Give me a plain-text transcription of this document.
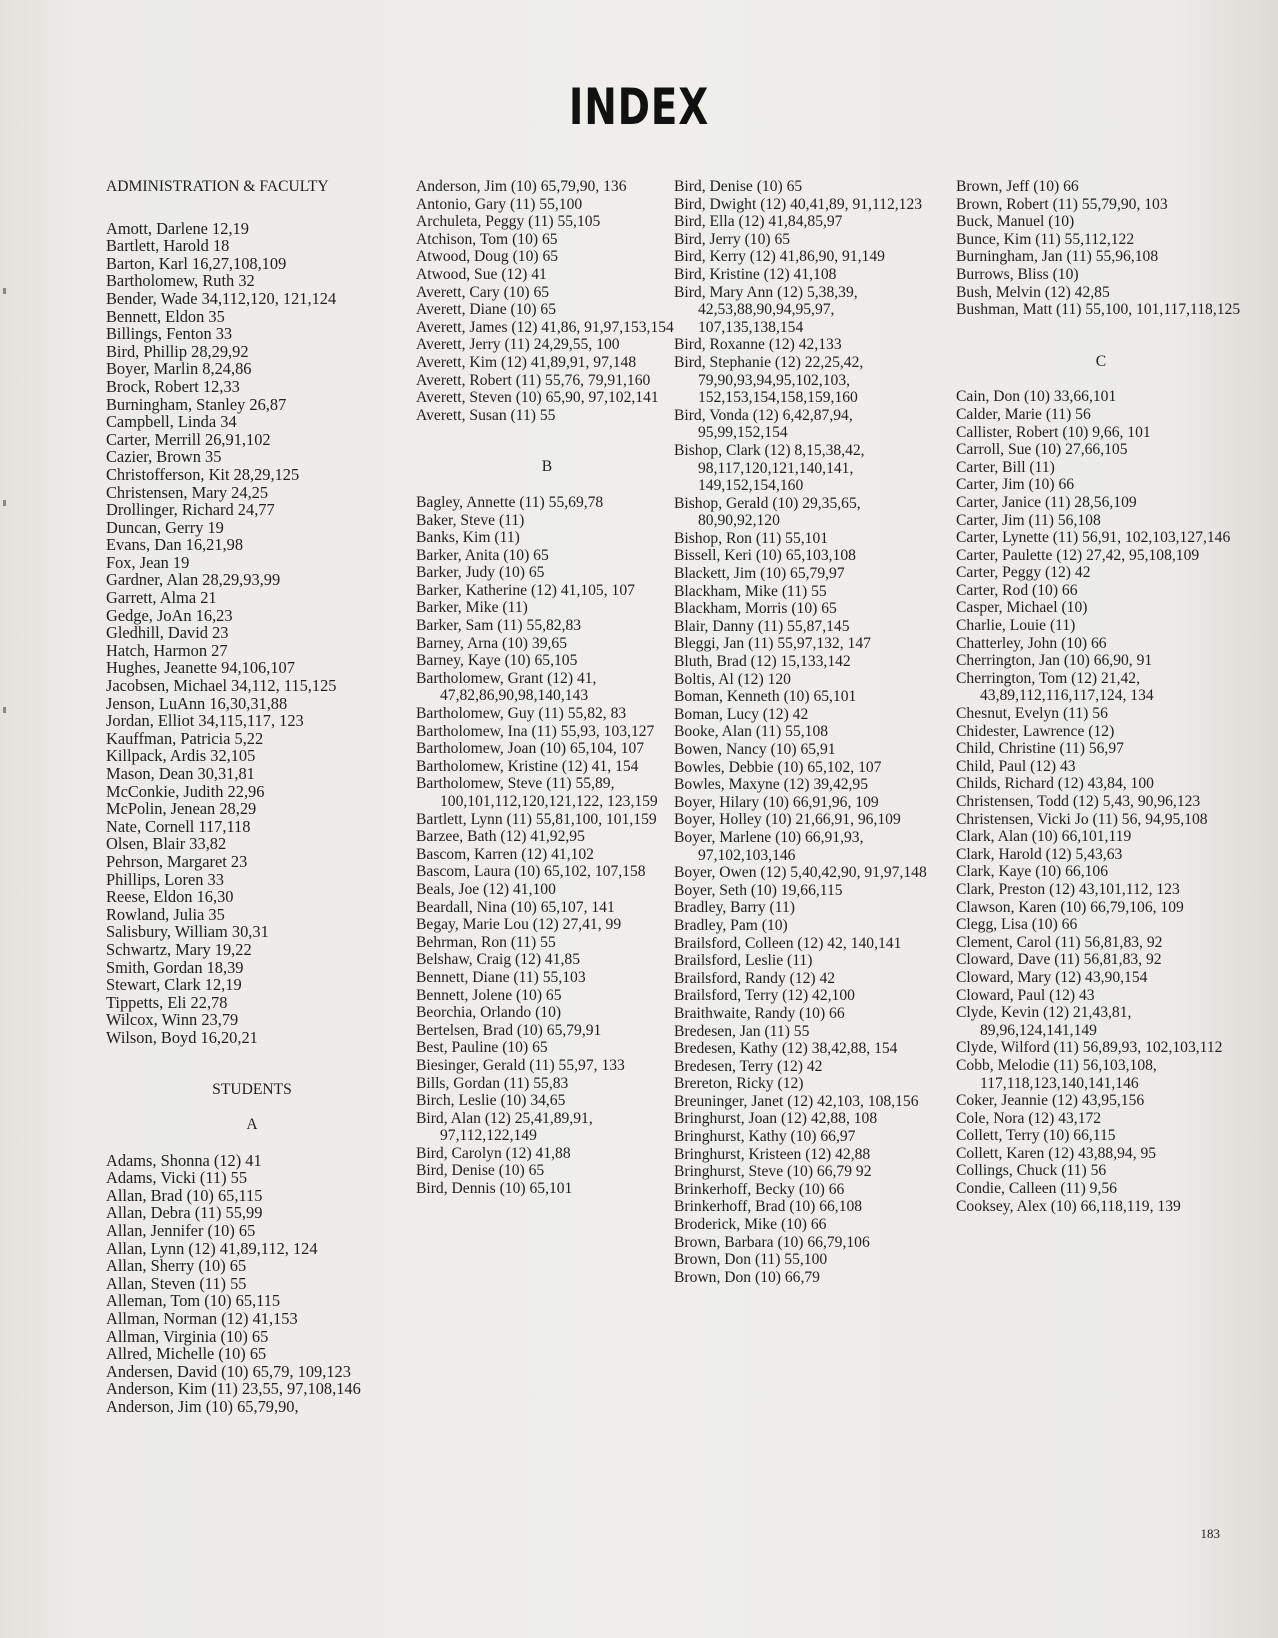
INDEX
ADMINISTRATION & FACULTY
Amott, Darlene 12,19
Bartlett, Harold 18
Barton, Karl 16,27,108,109
Bartholomew, Ruth 32
Bender, Wade 34,112,120, 121,124
Bennett, Eldon 35
Billings, Fenton 33
Bird, Phillip 28,29,92
Boyer, Marlin 8,24,86
Brock, Robert 12,33
Burningham, Stanley 26,87
Campbell, Linda 34
Carter, Merrill 26,91,102
Cazier, Brown 35
Christofferson, Kit 28,29,125
Christensen, Mary 24,25
Drollinger, Richard 24,77
Duncan, Gerry 19
Evans, Dan 16,21,98
Fox, Jean 19
Gardner, Alan 28,29,93,99
Garrett, Alma 21
Gedge, JoAn 16,23
Gledhill, David 23
Hatch, Harmon 27
Hughes, Jeanette 94,106,107
Jacobsen, Michael 34,112, 115,125
Jenson, LuAnn 16,30,31,88
Jordan, Elliot 34,115,117, 123
Kauffman, Patricia 5,22
Killpack, Ardis 32,105
Mason, Dean 30,31,81
McConkie, Judith 22,96
McPolin, Jenean 28,29
Nate, Cornell 117,118
Olsen, Blair 33,82
Pehrson, Margaret 23
Phillips, Loren 33
Reese, Eldon 16,30
Rowland, Julia 35
Salisbury, William 30,31
Schwartz, Mary 19,22
Smith, Gordan 18,39
Stewart, Clark 12,19
Tippetts, Eli 22,78
Wilcox, Winn 23,79
Wilson, Boyd 16,20,21
STUDENTS
A
Adams, Shonna (12) 41
Adams, Vicki (11) 55
Allan, Brad (10) 65,115
Allan, Debra (11) 55,99
Allan, Jennifer (10) 65
Allan, Lynn (12) 41,89,112, 124
Allan, Sherry (10) 65
Allan, Steven (11) 55
Alleman, Tom (10) 65,115
Allman, Norman (12) 41,153
Allman, Virginia (10) 65
Allred, Michelle (10) 65
Andersen, David (10) 65,79, 109,123
Anderson, Kim (11) 23,55, 97,108,146
Anderson, Jim (10) 65,79,90,
Anderson, Jim (10) 65,79,90, 136
Antonio, Gary (11) 55,100
Archuleta, Peggy (11) 55,105
Atchison, Tom (10) 65
Atwood, Doug (10) 65
Atwood, Sue (12) 41
Averett, Cary (10) 65
Averett, Diane (10) 65
Averett, James (12) 41,86, 91,97,153,154
Averett, Jerry (11) 24,29,55, 100
Averett, Kim (12) 41,89,91, 97,148
Averett, Robert (11) 55,76, 79,91,160
Averett, Steven (10) 65,90, 97,102,141
Averett, Susan (11) 55
B
Bagley, Annette (11) 55,69,78
Baker, Steve (11)
Banks, Kim (11)
Barker, Anita (10) 65
Barker, Judy (10) 65
Barker, Katherine (12) 41,105, 107
Barker, Mike (11)
Barker, Sam (11) 55,82,83
Barney, Arna (10) 39,65
Barney, Kaye (10) 65,105
Bartholomew, Grant (12) 41, 47,82,86,90,98,140,143
Bartholomew, Guy (11) 55,82, 83
Bartholomew, Ina (11) 55,93, 103,127
Bartholomew, Joan (10) 65,104, 107
Bartholomew, Kristine (12) 41, 154
Bartholomew, Steve (11) 55,89, 100,101,112,120,121,122, 123,159
Bartlett, Lynn (11) 55,81,100, 101,159
Barzee, Bath (12) 41,92,95
Bascom, Karren (12) 41,102
Bascom, Laura (10) 65,102, 107,158
Beals, Joe (12) 41,100
Beardall, Nina (10) 65,107, 141
Begay, Marie Lou (12) 27,41, 99
Behrman, Ron (11) 55
Belshaw, Craig (12) 41,85
Bennett, Diane (11) 55,103
Bennett, Jolene (10) 65
Beorchia, Orlando (10)
Bertelsen, Brad (10) 65,79,91
Best, Pauline (10) 65
Biesinger, Gerald (11) 55,97, 133
Bills, Gordan (11) 55,83
Birch, Leslie (10) 34,65
Bird, Alan (12) 25,41,89,91, 97,112,122,149
Bird, Carolyn (12) 41,88
Bird, Denise (10) 65
Bird, Dennis (10) 65,101
Bird, Denise (10) 65
Bird, Dwight (12) 40,41,89, 91,112,123
Bird, Ella (12) 41,84,85,97
Bird, Jerry (10) 65
Bird, Kerry (12) 41,86,90, 91,149
Bird, Kristine (12) 41,108
Bird, Mary Ann (12) 5,38,39, 42,53,88,90,94,95,97, 107,135,138,154
Bird, Roxanne (12) 42,133
Bird, Stephanie (12) 22,25,42, 79,90,93,94,95,102,103, 152,153,154,158,159,160
Bird, Vonda (12) 6,42,87,94, 95,99,152,154
Bishop, Clark (12) 8,15,38,42, 98,117,120,121,140,141, 149,152,154,160
Bishop, Gerald (10) 29,35,65, 80,90,92,120
Bishop, Ron (11) 55,101
Bissell, Keri (10) 65,103,108
Blackett, Jim (10) 65,79,97
Blackham, Mike (11) 55
Blackham, Morris (10) 65
Blair, Danny (11) 55,87,145
Bleggi, Jan (11) 55,97,132, 147
Bluth, Brad (12) 15,133,142
Boltis, Al (12) 120
Boman, Kenneth (10) 65,101
Boman, Lucy (12) 42
Booke, Alan (11) 55,108
Bowen, Nancy (10) 65,91
Bowles, Debbie (10) 65,102, 107
Bowles, Maxyne (12) 39,42,95
Boyer, Hilary (10) 66,91,96, 109
Boyer, Holley (10) 21,66,91, 96,109
Boyer, Marlene (10) 66,91,93, 97,102,103,146
Boyer, Owen (12) 5,40,42,90, 91,97,148
Boyer, Seth (10) 19,66,115
Bradley, Barry (11)
Bradley, Pam (10)
Brailsford, Colleen (12) 42, 140,141
Brailsford, Leslie (11)
Brailsford, Randy (12) 42
Brailsford, Terry (12) 42,100
Braithwaite, Randy (10) 66
Bredesen, Jan (11) 55
Bredesen, Kathy (12) 38,42,88, 154
Bredesen, Terry (12) 42
Brereton, Ricky (12)
Breuninger, Janet (12) 42,103, 108,156
Bringhurst, Joan (12) 42,88, 108
Bringhurst, Kathy (10) 66,97
Bringhurst, Kristeen (12) 42,88
Bringhurst, Steve (10) 66,79 92
Brinkerhoff, Becky (10) 66
Brinkerhoff, Brad (10) 66,108
Broderick, Mike (10) 66
Brown, Barbara (10) 66,79,106
Brown, Don (11) 55,100
Brown, Don (10) 66,79
Brown, Jeff (10) 66
Brown, Robert (11) 55,79,90, 103
Buck, Manuel (10)
Bunce, Kim (11) 55,112,122
Burningham, Jan (11) 55,96,108
Burrows, Bliss (10)
Bush, Melvin (12) 42,85
Bushman, Matt (11) 55,100, 101,117,118,125
C
Cain, Don (10) 33,66,101
Calder, Marie (11) 56
Callister, Robert (10) 9,66, 101
Carroll, Sue (10) 27,66,105
Carter, Bill (11)
Carter, Jim (10) 66
Carter, Janice (11) 28,56,109
Carter, Jim (11) 56,108
Carter, Lynette (11) 56,91, 102,103,127,146
Carter, Paulette (12) 27,42, 95,108,109
Carter, Peggy (12) 42
Carter, Rod (10) 66
Casper, Michael (10)
Charlie, Louie (11)
Chatterley, John (10) 66
Cherrington, Jan (10) 66,90, 91
Cherrington, Tom (12) 21,42, 43,89,112,116,117,124, 134
Chesnut, Evelyn (11) 56
Chidester, Lawrence (12)
Child, Christine (11) 56,97
Child, Paul (12) 43
Childs, Richard (12) 43,84, 100
Christensen, Todd (12) 5,43, 90,96,123
Christensen, Vicki Jo (11) 56, 94,95,108
Clark, Alan (10) 66,101,119
Clark, Harold (12) 5,43,63
Clark, Kaye (10) 66,106
Clark, Preston (12) 43,101,112, 123
Clawson, Karen (10) 66,79,106, 109
Clegg, Lisa (10) 66
Clement, Carol (11) 56,81,83, 92
Cloward, Dave (11) 56,81,83, 92
Cloward, Mary (12) 43,90,154
Cloward, Paul (12) 43
Clyde, Kevin (12) 21,43,81, 89,96,124,141,149
Clyde, Wilford (11) 56,89,93, 102,103,112
Cobb, Melodie (11) 56,103,108, 117,118,123,140,141,146
Coker, Jeannie (12) 43,95,156
Cole, Nora (12) 43,172
Collett, Terry (10) 66,115
Collett, Karen (12) 43,88,94, 95
Collings, Chuck (11) 56
Condie, Calleen (11) 9,56
Cooksey, Alex (10) 66,118,119, 139
183
